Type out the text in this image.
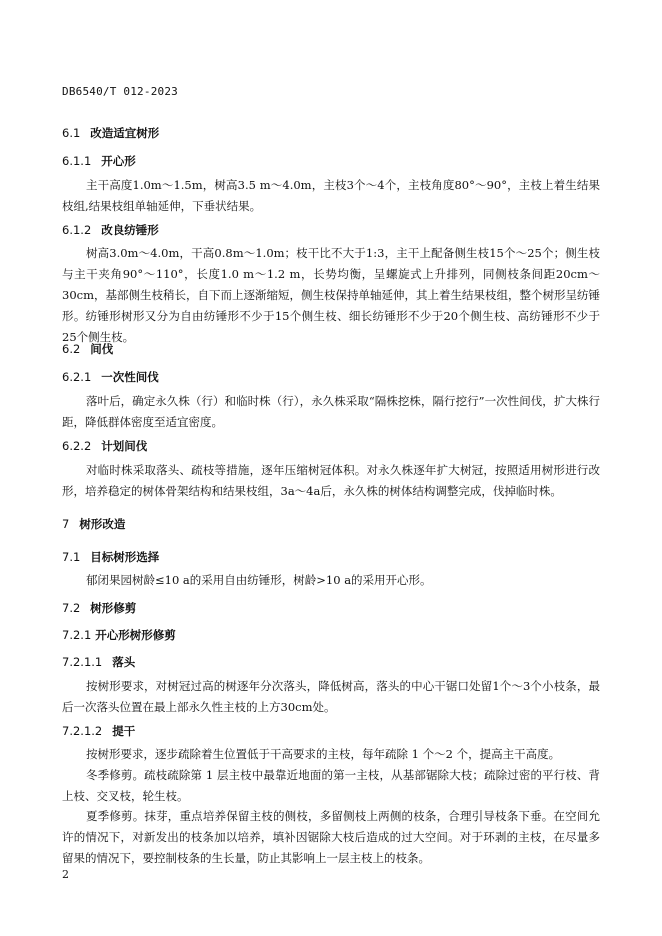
DB6540/T 012-2023
6.1 改造适宜树形
6.1.1 开心形
主干高度1.0m～1.5m，树高3.5 m～4.0m，主枝3个～4个，主枝角度80°～90°，主枝上着生结果枝组,结果枝组单轴延伸，下垂状结果。
6.1.2 改良纺锤形
树高3.0m～4.0m，干高0.8m～1.0m；枝干比不大于1:3，主干上配备侧生枝15个～25个；侧生枝与主干夹角90°～110°，长度1.0 m～1.2 m，长势均衡，呈螺旋式上升排列，同侧枝条间距20cm～30cm，基部侧生枝稍长，自下而上逐渐缩短，侧生枝保持单轴延伸，其上着生结果枝组，整个树形呈纺锤形。纺锤形树形又分为自由纺锤形不少于15个侧生枝、细长纺锤形不少于20个侧生枝、高纺锤形不少于25个侧生枝。
6.2 间伐
6.2.1 一次性间伐
落叶后，确定永久株（行）和临时株（行），永久株采取“隔株挖株，隔行挖行”一次性间伐，扩大株行距，降低群体密度至适宜密度。
6.2.2 计划间伐
对临时株采取落头、疏枝等措施，逐年压缩树冠体积。对永久株逐年扩大树冠，按照适用树形进行改形，培养稳定的树体骨架结构和结果枝组，3a～4a后，永久株的树体结构调整完成，伐掉临时株。
7 树形改造
7.1 目标树形选择
郁闭果园树龄≤10 a的采用自由纺锤形，树龄>10 a的采用开心形。
7.2 树形修剪
7.2.1 开心形树形修剪
7.2.1.1 落头
按树形要求，对树冠过高的树逐年分次落头，降低树高，落头的中心干锯口处留1个～3个小枝条，最后一次落头位置在最上部永久性主枝的上方30cm处。
7.2.1.2 提干
按树形要求，逐步疏除着生位置低于干高要求的主枝，每年疏除 1 个～2 个，提高主干高度。
冬季修剪。疏枝疏除第 1 层主枝中最靠近地面的第一主枝，从基部锯除大枝；疏除过密的平行枝、背上枝、交叉枝，轮生枝。
夏季修剪。抹芽，重点培养保留主枝的侧枝，多留侧枝上两侧的枝条，合理引导枝条下垂。在空间允许的情况下，对新发出的枝条加以培养，填补因锯除大枝后造成的过大空间。对于环剥的主枝，在尽量多留果的情况下，要控制枝条的生长量，防止其影响上一层主枝上的枝条。
2
